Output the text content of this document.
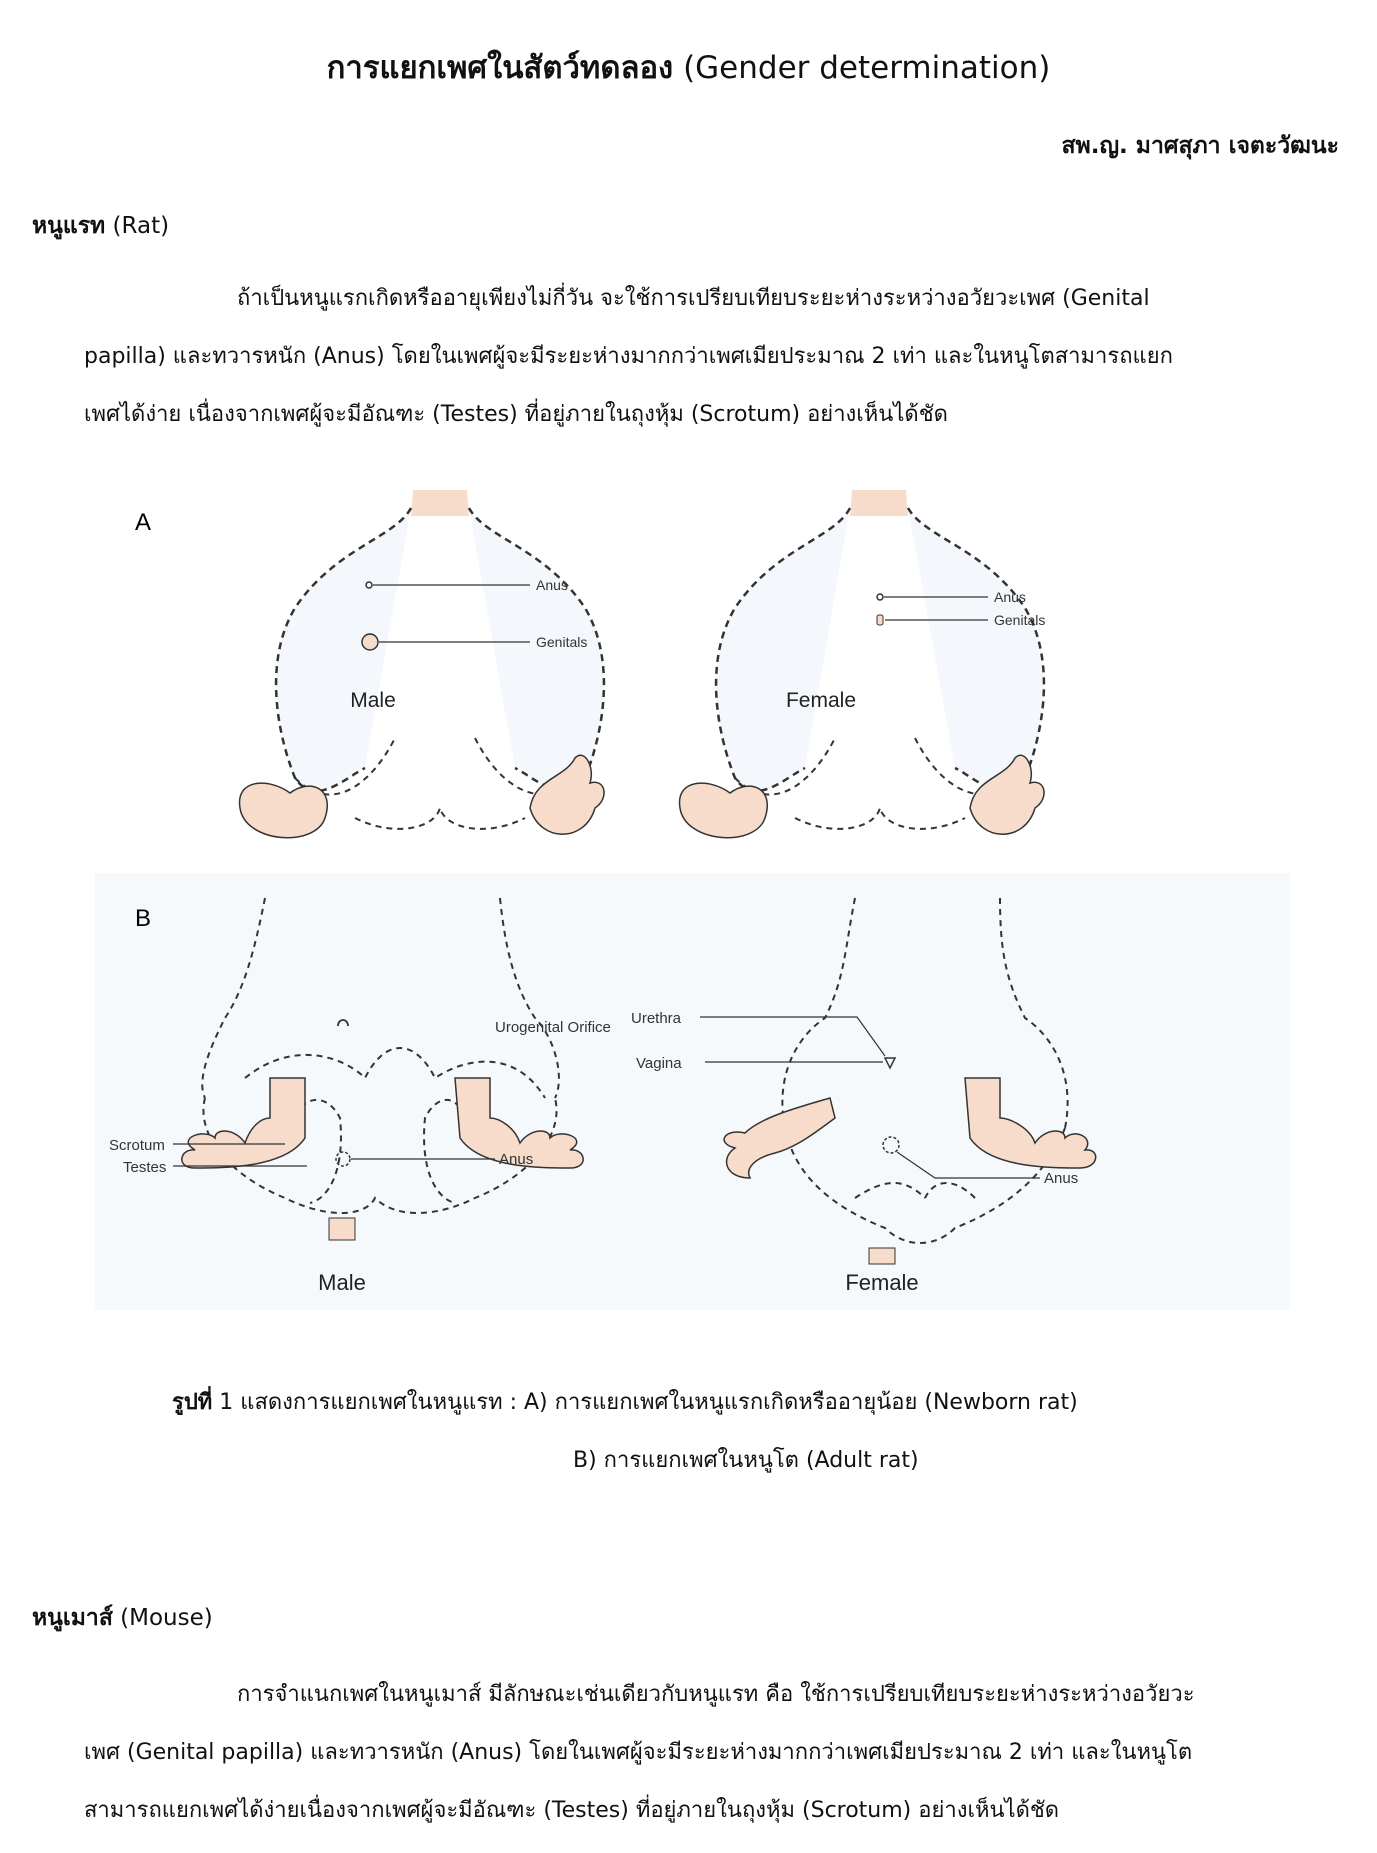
การแยกเพศในสัตว์ทดลอง (Gender determination)
สพ.ญ. มาศสุภา เจตะวัฒนะ
หนูแรท (Rat)
ถ้าเป็นหนูแรกเกิดหรืออายุเพียงไม่กี่วัน จะใช้การเปรียบเทียบระยะห่างระหว่างอวัยวะเพศ (Genital
papilla) และทวารหนัก (Anus) โดยในเพศผู้จะมีระยะห่างมากกว่าเพศเมียประมาณ 2 เท่า และในหนูโตสามารถแยก
เพศได้ง่าย เนื่องจากเพศผู้จะมีอัณฑะ (Testes) ที่อยู่ภายในถุงหุ้ม (Scrotum) อย่างเห็นได้ชัด
A
Anus
Genitals
Male
Anus
Genitals
Female
B
Scrotum
Testes	Anus
Urogenital Orifice
Male
Urethra
Vagina
Anus
Female
รูปที่ 1 แสดงการแยกเพศในหนูแรท : A) การแยกเพศในหนูแรกเกิดหรืออายุน้อย (Newborn rat)
B) การแยกเพศในหนูโต (Adult rat)
หนูเมาส์ (Mouse)
การจำแนกเพศในหนูเมาส์ มีลักษณะเช่นเดียวกับหนูแรท คือ ใช้การเปรียบเทียบระยะห่างระหว่างอวัยวะ
เพศ (Genital papilla) และทวารหนัก (Anus) โดยในเพศผู้จะมีระยะห่างมากกว่าเพศเมียประมาณ 2 เท่า และในหนูโต
สามารถแยกเพศได้ง่ายเนื่องจากเพศผู้จะมีอัณฑะ (Testes) ที่อยู่ภายในถุงหุ้ม (Scrotum) อย่างเห็นได้ชัด
